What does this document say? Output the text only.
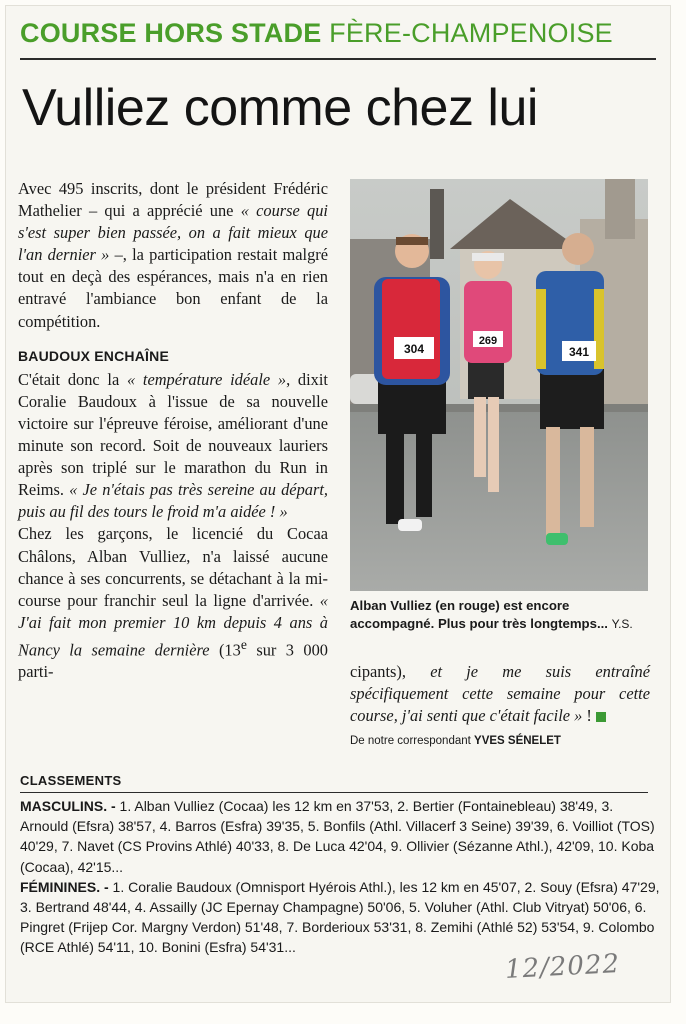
COURSE HORS STADE FÈRE-CHAMPENOISE
Vulliez comme chez lui

Avec 495 inscrits, dont le président Frédéric Mathelier – qui a apprécié une « course qui s'est super bien passée, on a fait mieux que l'an dernier » –, la participation restait malgré tout en deçà des espérances, mais n'a en rien entravé l'ambiance bon enfant de la compétition.

BAUDOUX ENCHAÎNE

C'était donc la « température idéale », dixit Coralie Baudoux à l'issue de sa nouvelle victoire sur l'épreuve féroise, améliorant d'une minute son record. Soit de nouveaux lauriers après son triplé sur le marathon du Run in Reims. « Je n'étais pas très sereine au départ, puis au fil des tours le froid m'a aidée ! »

Chez les garçons, le licencié du Cocaa Châlons, Alban Vulliez, n'a laissé aucune chance à ses concurrents, se détachant à la mi-course pour franchir seul la ligne d'arrivée. « J'ai fait mon premier 10 km depuis 4 ans à Nancy la semaine dernière (13e sur 3 000 parti-

269
341
304
Alban Vulliez (en rouge) est encore accompagné. Plus pour très longtemps... Y.S.
cipants), et je me suis entraîné spécifiquement cette semaine pour cette course, j'ai senti que c'était facile » !
De notre correspondant YVES SÉNELET
CLASSEMENTS

MASCULINS. - 1. Alban Vulliez (Cocaa) les 12 km en 37'53, 2. Bertier (Fontainebleau) 38'49, 3. Arnould (Efsra) 38'57, 4. Barros (Esfra) 39'35, 5. Bonfils (Athl. Villacerf 3 Seine) 39'39, 6. Voilliot (TOS) 40'29, 7. Navet (CS Provins Athlé) 40'33, 8. De Luca 42'04, 9. Ollivier (Sézanne Athl.), 42'09, 10. Koba (Cocaa), 42'15...

FÉMININES. - 1. Coralie Baudoux (Omnisport Hyérois Athl.), les 12 km en 45'07, 2. Souy (Efsra) 47'29, 3. Bertrand 48'44, 4. Assailly (JC Epernay Champagne) 50'06, 5. Voluher (Athl. Club Vitryat) 50'06, 6. Pingret (Frijep Cor. Margny Verdon) 51'48, 7. Borderioux 53'31, 8. Zemihi (Athlé 52) 53'54, 9. Colombo (RCE Athlé) 54'11, 10. Bonini (Esfra) 54'31...

12/2022
